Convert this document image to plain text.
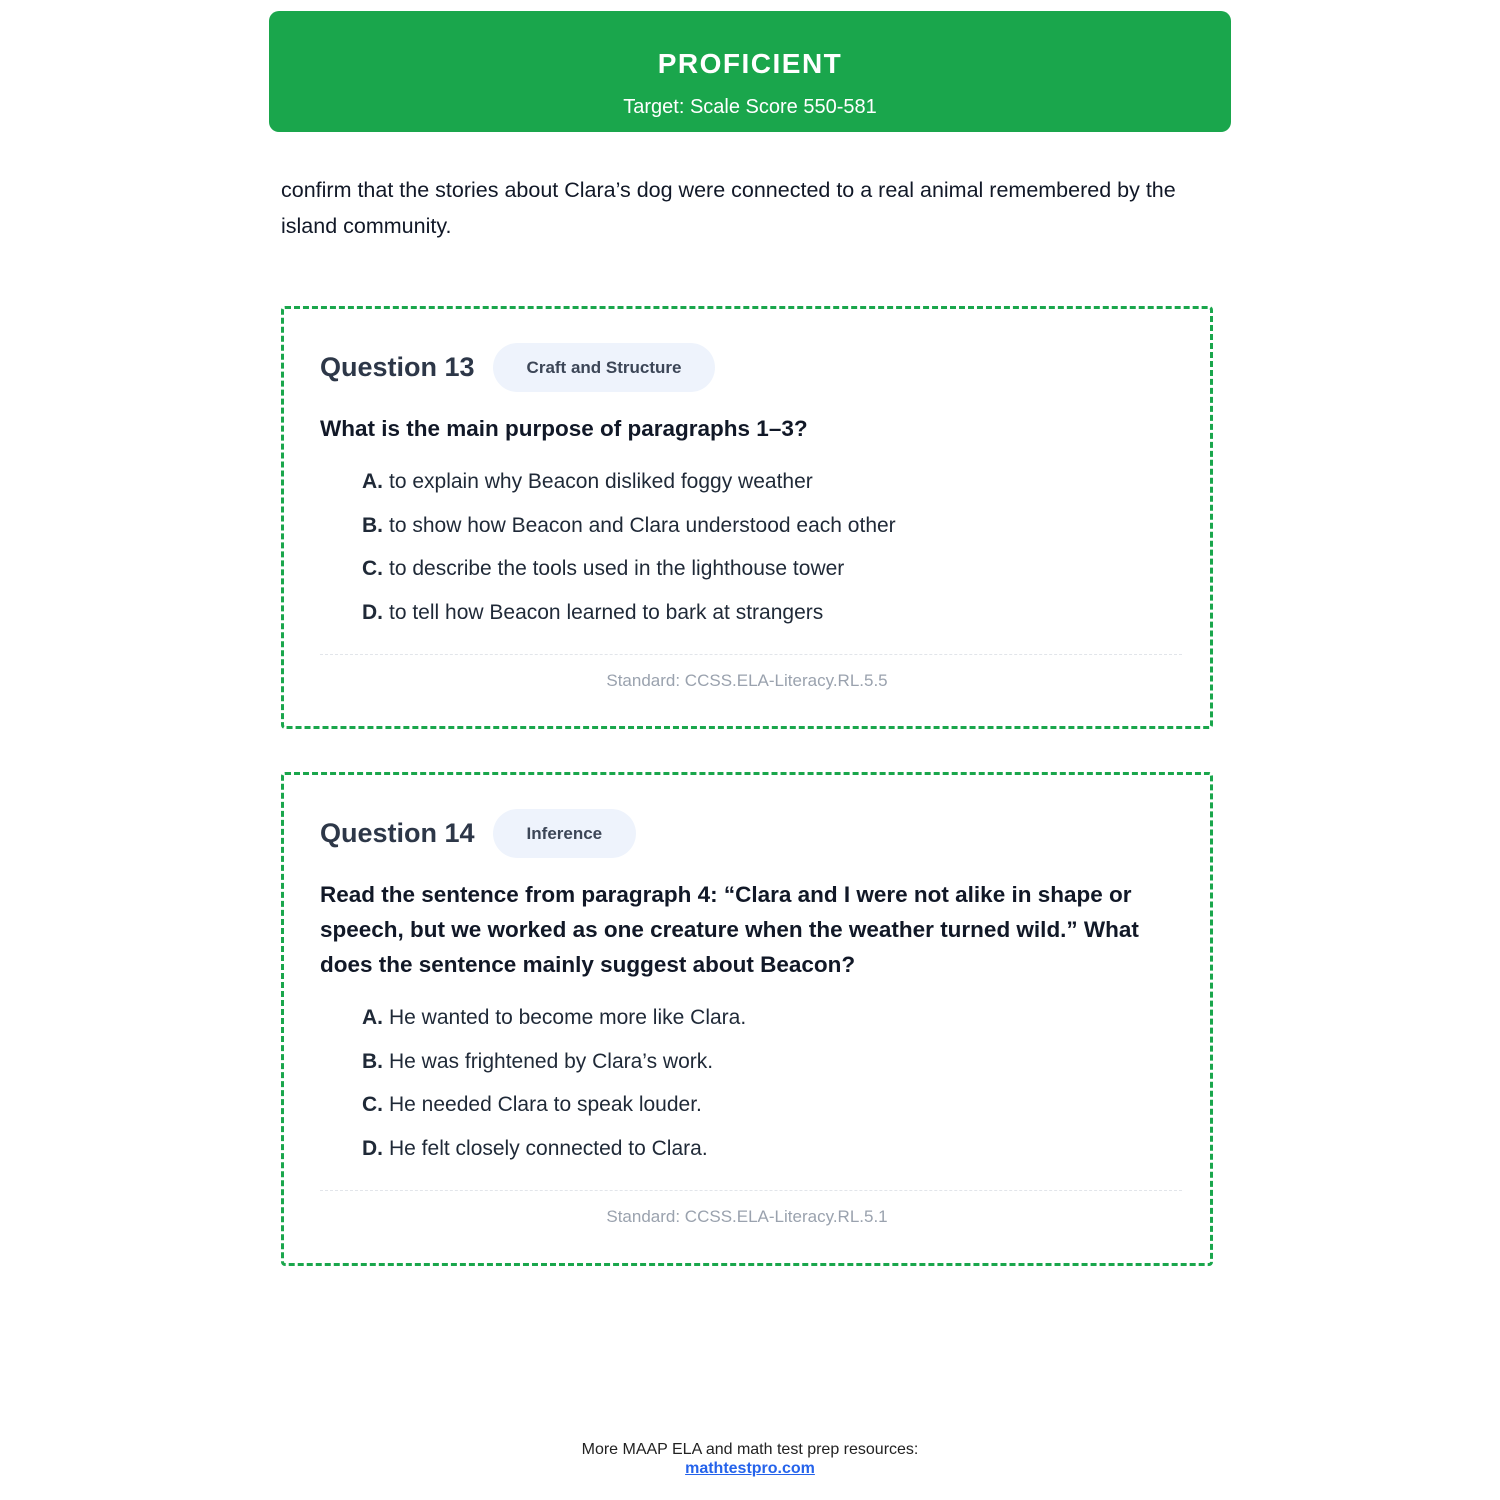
PROFICIENT
Target: Scale Score 550-581

confirm that the stories about Clara’s dog were connected to a real animal remembered by the island community.

Question 13	Craft and Structure

What is the main purpose of paragraphs 1–3?

A. to explain why Beacon disliked foggy weather
B. to show how Beacon and Clara understood each other
C. to describe the tools used in the lighthouse tower
D. to tell how Beacon learned to bark at strangers
Standard: CCSS.ELA-Literacy.RL.5.5
Question 14	Inference

Read the sentence from paragraph 4: “Clara and I were not alike in shape or speech, but we worked as one creature when the weather turned wild.” What does the sentence mainly suggest about Beacon?

A. He wanted to become more like Clara.
B. He was frightened by Clara’s work.
C. He needed Clara to speak louder.
D. He felt closely connected to Clara.
Standard: CCSS.ELA-Literacy.RL.5.1
More MAAP ELA and math test prep resources:
mathtestpro.com
